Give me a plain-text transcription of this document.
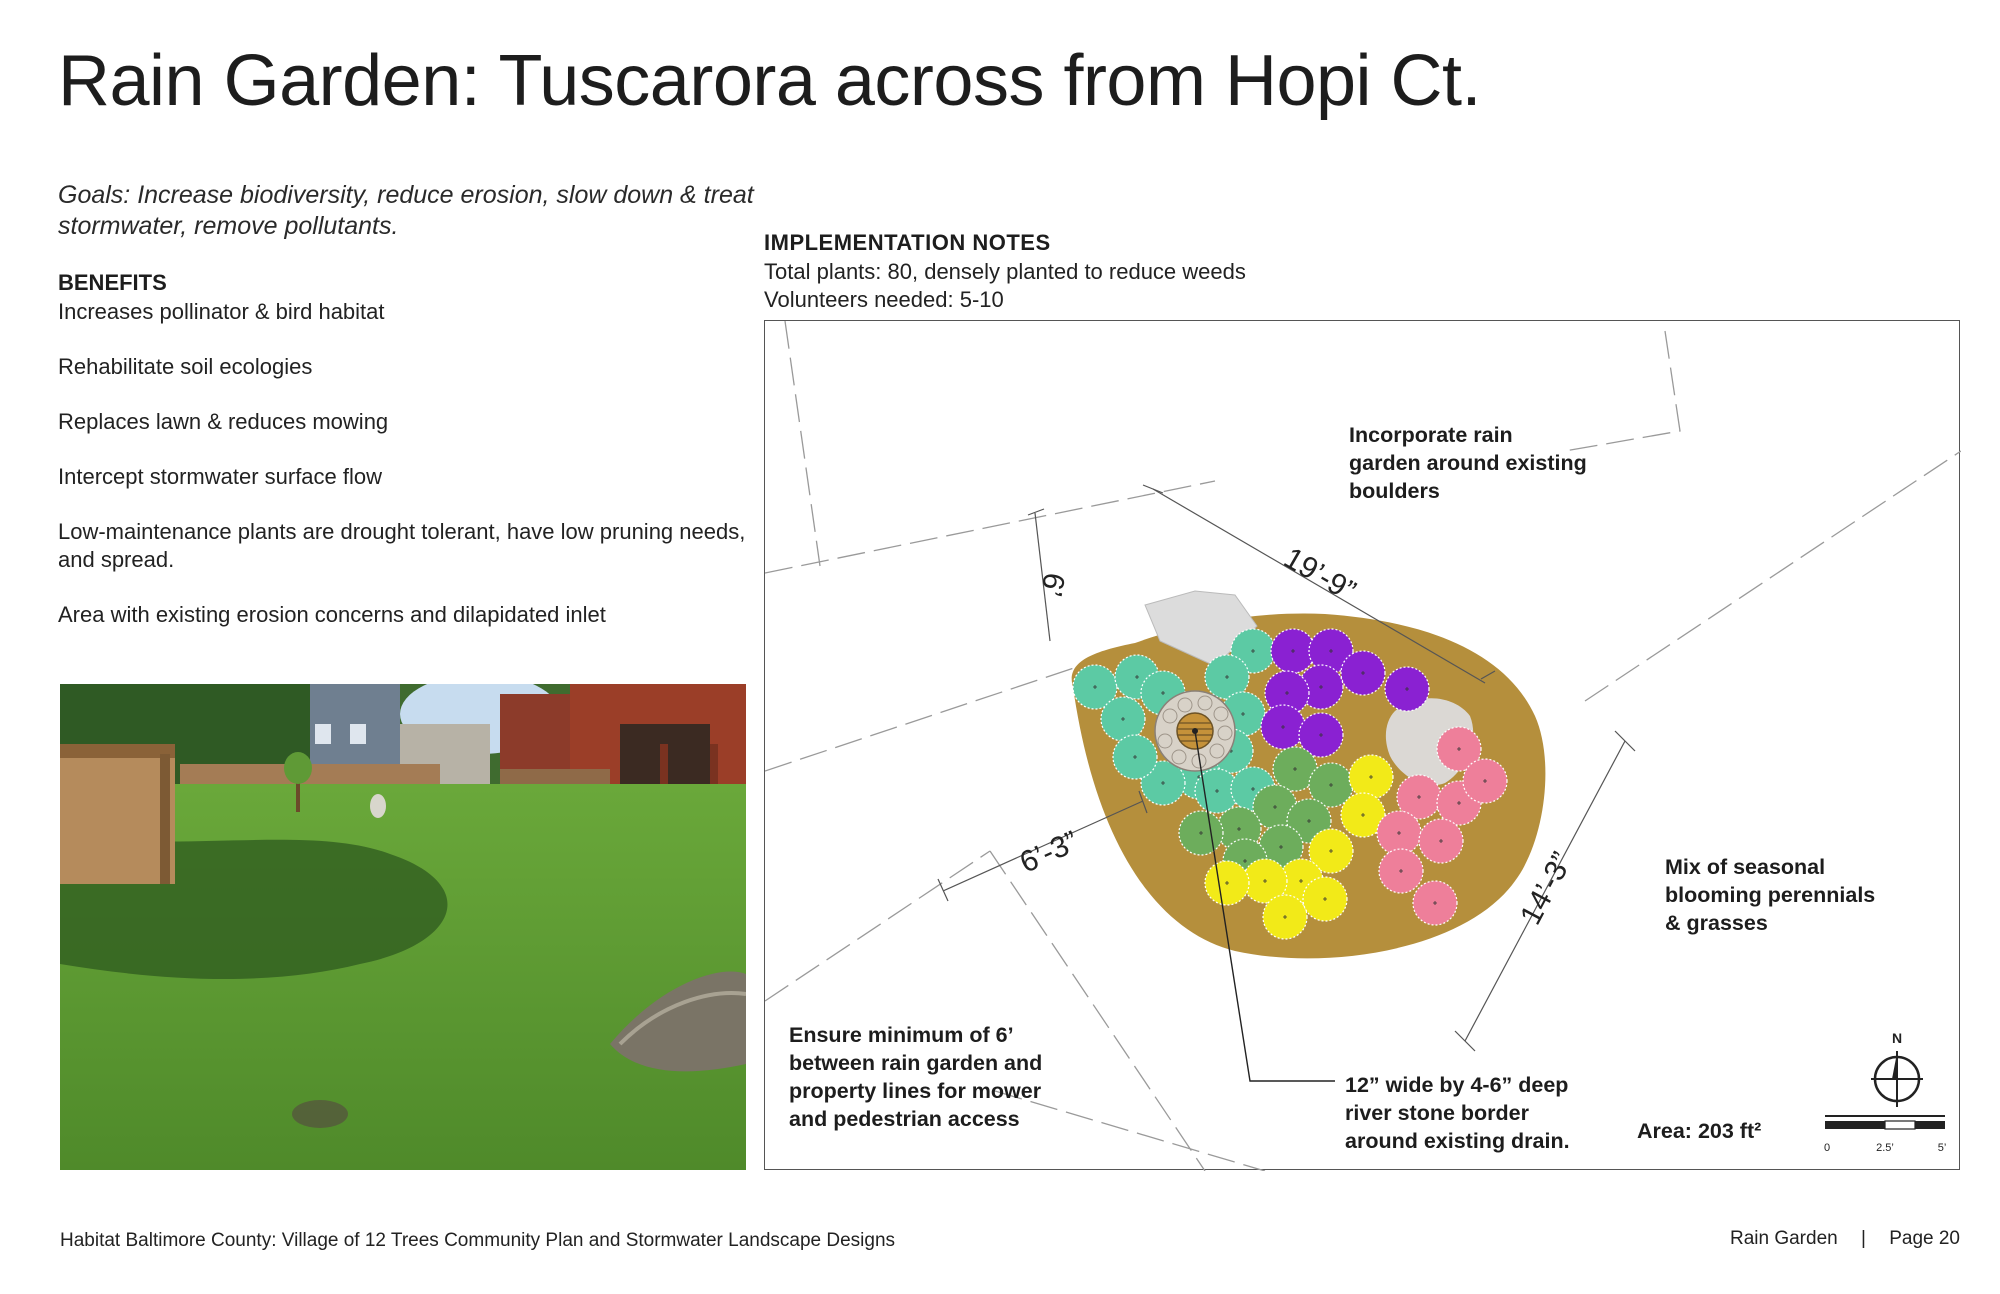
Rain Garden: Tuscarora across from Hopi Ct.
Goals: Increase biodiversity, reduce erosion, slow down & treat stormwater, remove pollutants.
BENEFITS
Increases pollinator & bird habitat
Rehabilitate soil ecologies
Replaces lawn & reduces mowing
Intercept stormwater surface flow
Low-maintenance plants are drought tolerant, have low pruning needs, and spread.
Area with existing erosion concerns and dilapidated inlet
IMPLEMENTATION NOTES
Total plants: 80, densely planted to reduce weeds
Volunteers needed: 5-10
19’-9”
6’
6’-3”	14’-3”
N
0	2.5’	5’
Incorporate rain
garden around existing
boulders
Mix of seasonal
blooming perennials
& grasses
12” wide by 4-6” deep
river stone border
around existing drain.
Ensure minimum of 6’
between rain garden and
property lines for mower
and pedestrian access	Area: 203 ft²
Habitat Baltimore County: Village of 12 Trees Community Plan and Stormwater Landscape Designs	Rain Garden | Page 20
